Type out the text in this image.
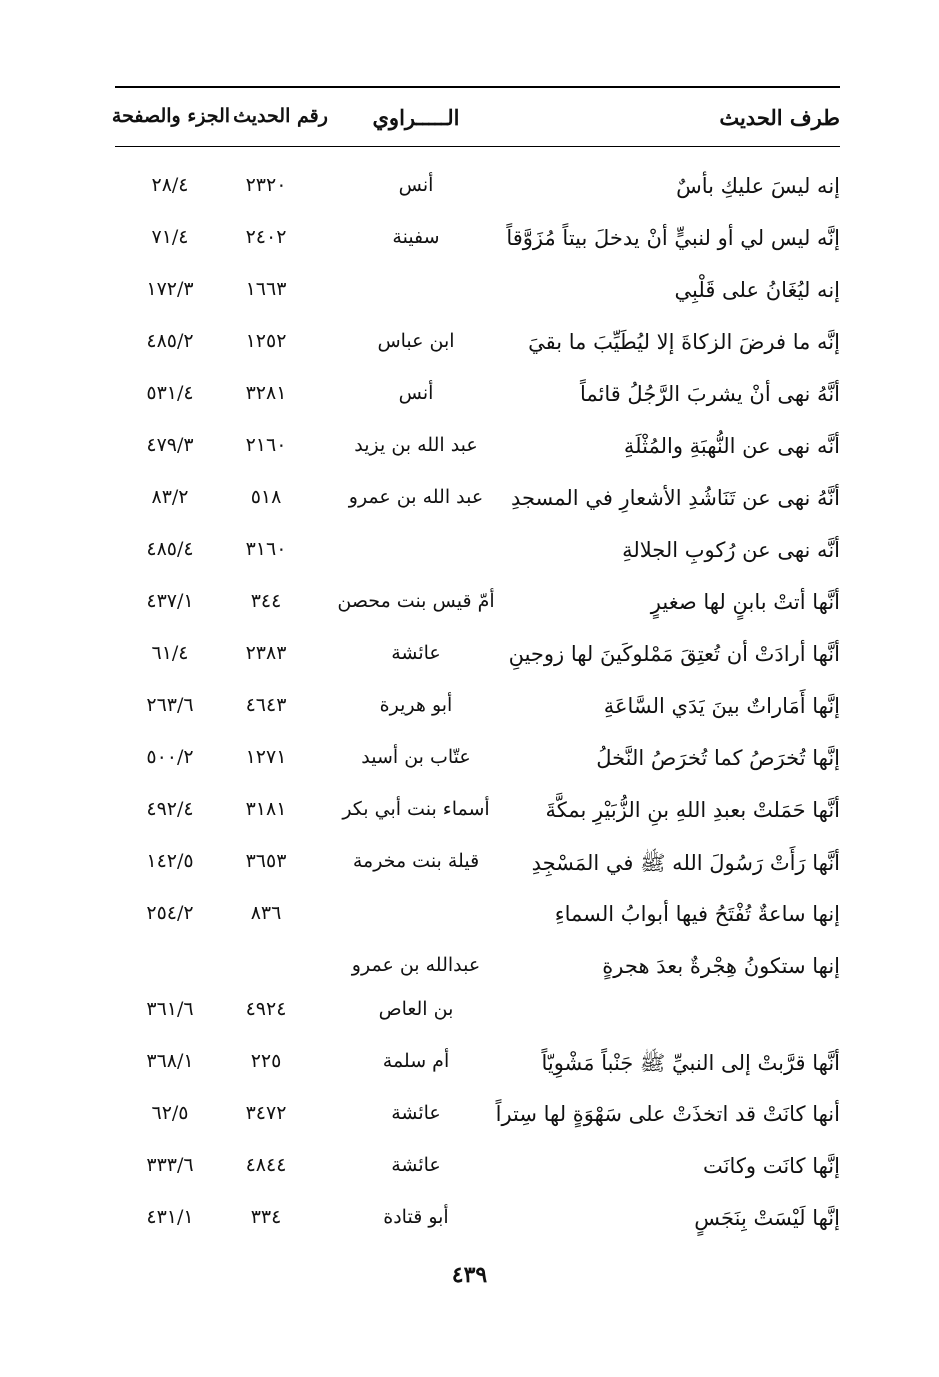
طرف الحديث
الـــــراوي
رقم الحديث
الجزء والصفحة
إنه ليسَ عليكِ بأسٌ
أنس
٢٣٢٠
٢٨/٤
إنَّه ليس لي أو لنبيٍّ أنْ يدخلَ بيتاً مُزَوَّقاً
سفينة
٢٤٠٢
٧١/٤
إنه ليُغَانُ على قَلْبِي
١٦٦٣
١٧٢/٣
إنَّه ما فرضَ الزكاةَ إلا ليُطَيِّبَ ما بقيَ
ابن عباس
١٢٥٢
٤٨٥/٢
أنَّهُ نهى أنْ يشربَ الرَّجُلُ قائماً
أنس
٣٢٨١
٥٣١/٤
أنَّه نهى عن النُّهبَةِ والمُثْلَةِ
عبد الله بن يزيد
٢١٦٠
٤٧٩/٣
أنَّهُ نهى عن تَنَاشُدِ الأشعارِ في المسجدِ
عبد الله بن عمرو
٥١٨
٨٣/٢
أنَّه نهى عن رُكوبِ الجلالةِ
٣١٦٠
٤٨٥/٤
أنَّها أتتْ بابنٍ لها صغيرٍ
أمّ قيس بنت محصن
٣٤٤
٤٣٧/١
أنَّها أرادَتْ أن تُعتِقَ مَمْلوكَينَ لها زوجينِ
عائشة
٢٣٨٣
٦١/٤
إنَّها أَمَاراتٌ بينَ يَدَي السَّاعَةِ
أبو هريرة
٤٦٤٣
٢٦٣/٦
إنَّها تُخرَصُ كما تُخرَصُ النَّخلُ
عتّاب بن أسيد
١٢٧١
٥٠٠/٢
أنَّها حَمَلتْ بعبدِ اللهِ بنِ الزُّبَيْرِ بمكَّةَ
أسماء بنت أبي بكر
٣١٨١
٤٩٢/٤
أنَّها رَأَتْ رَسُولَ الله ﷺ في المَسْجِدِ
قيلة بنت مخرمة
٣٦٥٣
١٤٢/٥
إنها ساعةٌ تُفْتَحُ فيها أبوابُ السماءِ
٨٣٦
٢٥٤/٢
إنها ستكونُ هِجْرةٌ بعدَ هجرةٍ
عبدالله بن عمرو
بن العاص
٤٩٢٤
٣٦١/٦
أنَّها قرَّبتْ إلى النبيِّ ﷺ جَنْباً مَشْوِيّاً
أم سلمة
٢٢٥
٣٦٨/١
أنها كانَتْ قد اتخذَتْ على سَهْوَةٍ لها سِتراً
عائشة
٣٤٧٢
٦٢/٥
إنَّها كانَت وكانَت
عائشة
٤٨٤٤
٣٣٣/٦
إنَّها لَيْسَتْ بِنَجَسٍ
أبو قتادة
٣٣٤
٤٣١/١
٤٣٩
